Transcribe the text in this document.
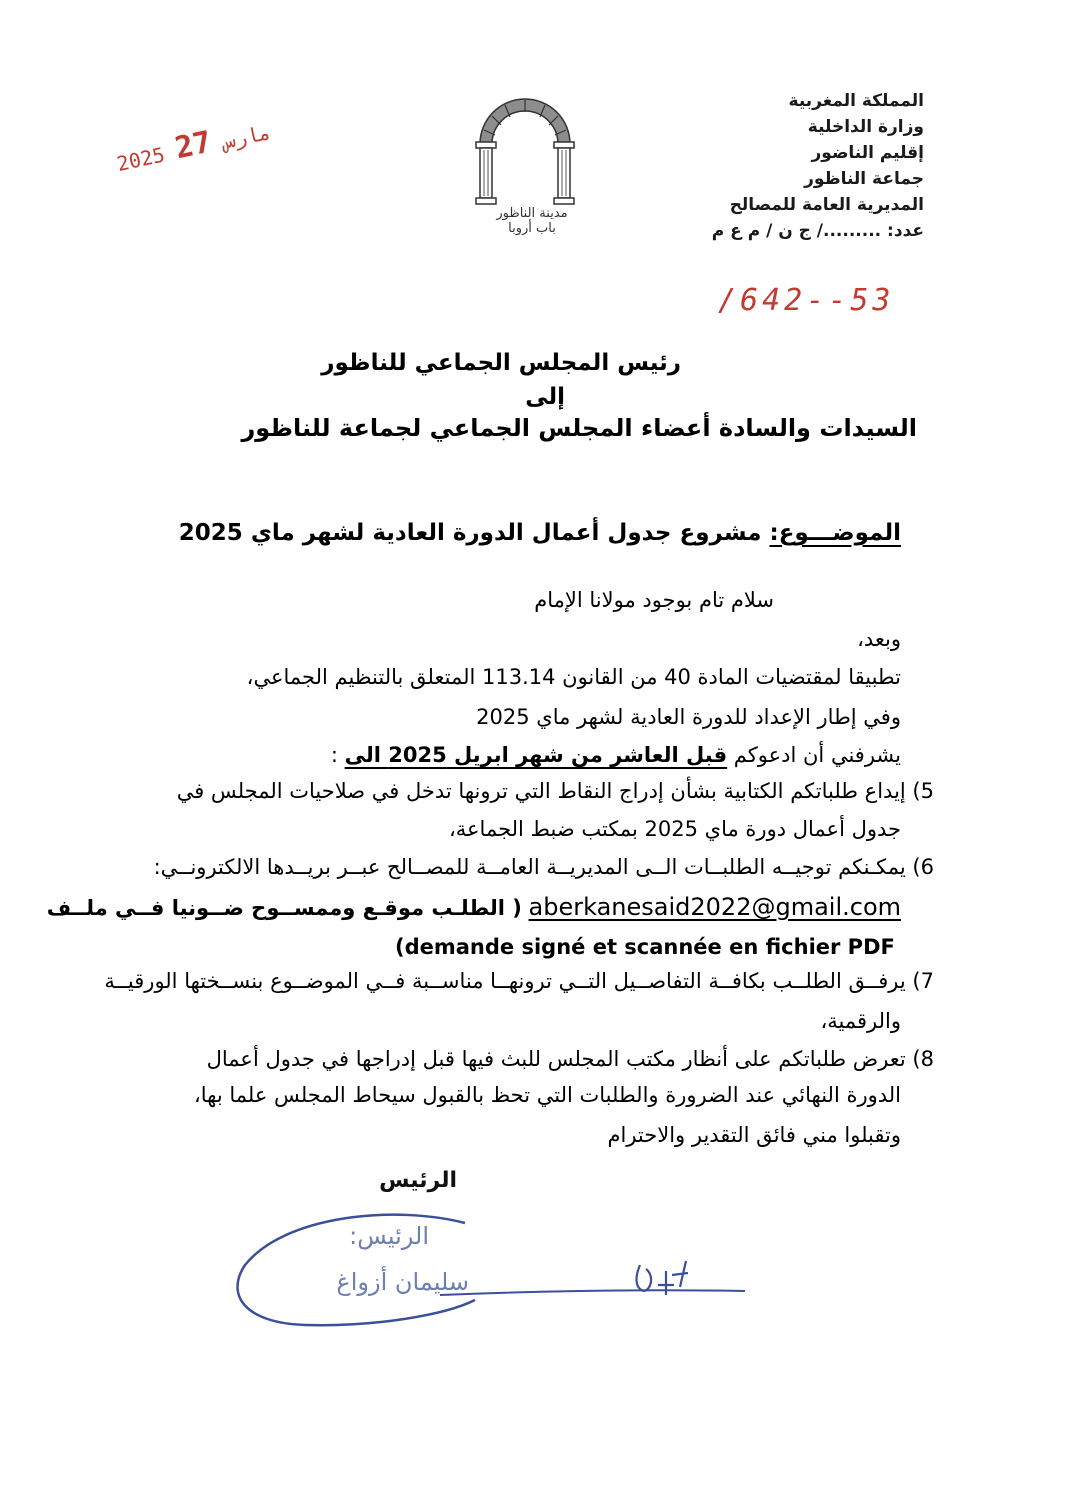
المملكة المغربية
وزارة الداخلية
إقليم الناضور
جماعة الناظور
المديرية العامة للمصالح
عدد: ........./ ج ن / م ع م
مدينة الناظور
باب أروبا
2025 مارس 27
/642--53
رئيس المجلس الجماعي للناظور
إلى
السيدات والسادة أعضاء المجلس الجماعي لجماعة للناظور
الموضـــوع: مشروع جدول أعمال الدورة العادية لشهر ماي 2025
سلام تام بوجود مولانا الإمام
وبعد،
تطبيقا لمقتضيات المادة 40 من القانون 113.14 المتعلق بالتنظيم الجماعي،
وفي إطار الإعداد للدورة العادية لشهر ماي 2025
يشرفني أن ادعوكم قبل العاشر من شهر ابريل 2025 الى :
5) إيداع طلباتكم الكتابية بشأن إدراج النقاط التي ترونها تدخل في صلاحيات المجلس في
جدول أعمال دورة ماي 2025 بمكتب ضبط الجماعة،
6) يمكـنكم توجيــه الطلبــات الــى المديريــة العامــة للمصــالح عبــر بريــدها الالكترونــي:
aberkanesaid2022@gmail.com ( الطلـب موقـع وممســوح ضــونيا فــي ملــف
(demande signé et scannée en fichier PDF
7) يرفــق الطلــب بكافــة التفاصــيل التــي ترونهــا مناســبة فــي الموضــوع بنســختها الورقيــة
والرقمية،
8) تعرض طلباتكم على أنظار مكتب المجلس للبث فيها قبل إدراجها في جدول أعمال
الدورة النهائي عند الضرورة والطلبات التي تحظ بالقبول سيحاط المجلس علما بها،
وتقبلوا مني فائق التقدير والاحترام
الرئيس
الرئيس:
سليمان أزواغ
